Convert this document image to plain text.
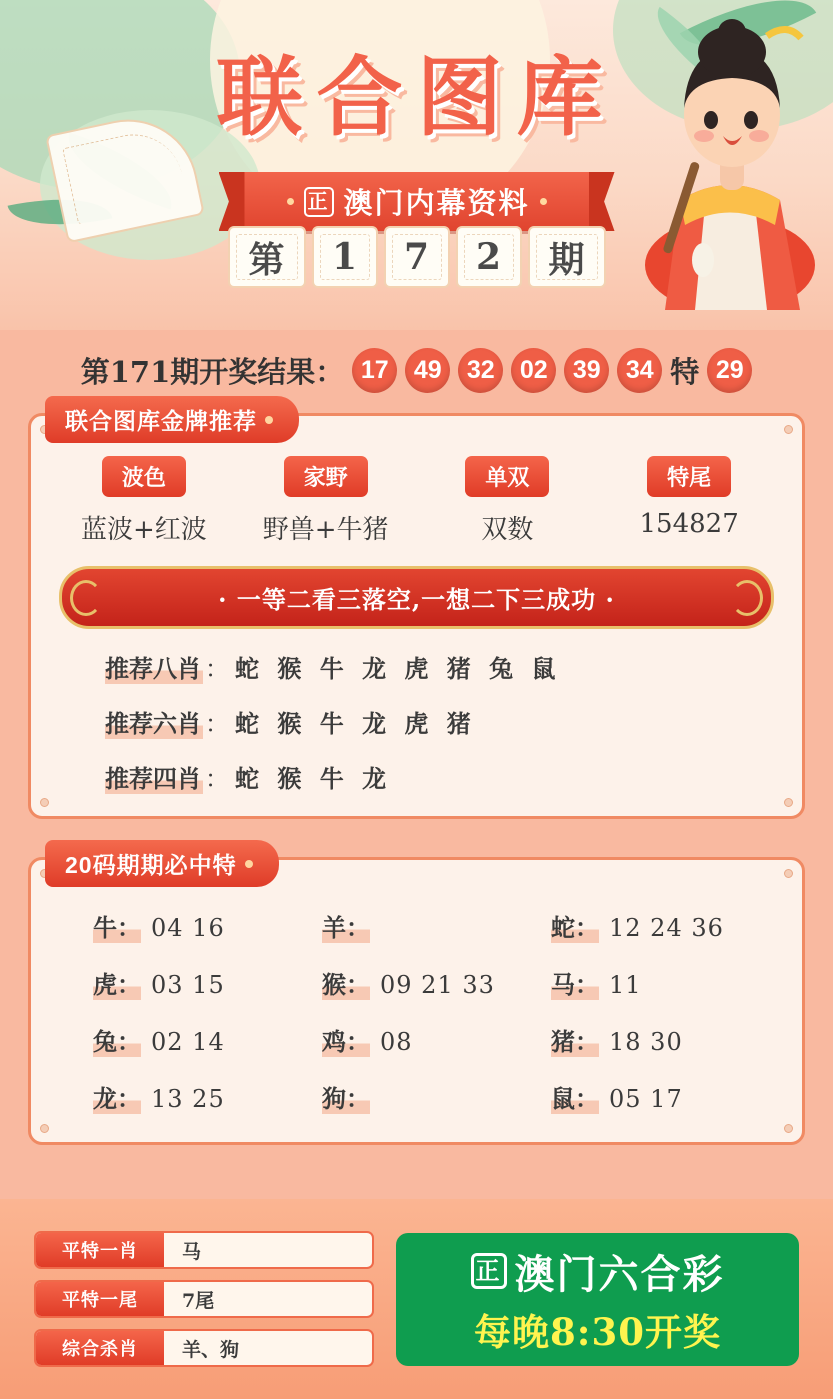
联合图库
正 澳门内幕资料
第 1 7 2 期
第171期开奖结果： 17	49	32	02	39	34 特 29
联合图库金牌推荐
波色
蓝波+红波
家野
野兽+牛猪
单双
双数
特尾
154827
· 一等二看三落空,一想二下三成功 ·
推荐八肖 ： 蛇 猴 牛 龙 虎 猪 兔 鼠
推荐六肖 ： 蛇 猴 牛 龙 虎 猪
推荐四肖 ： 蛇 猴 牛 龙
20码期期必中特
牛： 04 16	羊：	蛇： 12 24 36
虎： 03 15	猴： 09 21 33 马： 11
兔： 02 14	鸡： 08	猪： 18 30
龙： 13 25	狗：	鼠： 05 17
平特一肖	马
平特一尾	7尾
综合杀肖	羊、狗
正 澳门六合彩
每晚8:30开奖
